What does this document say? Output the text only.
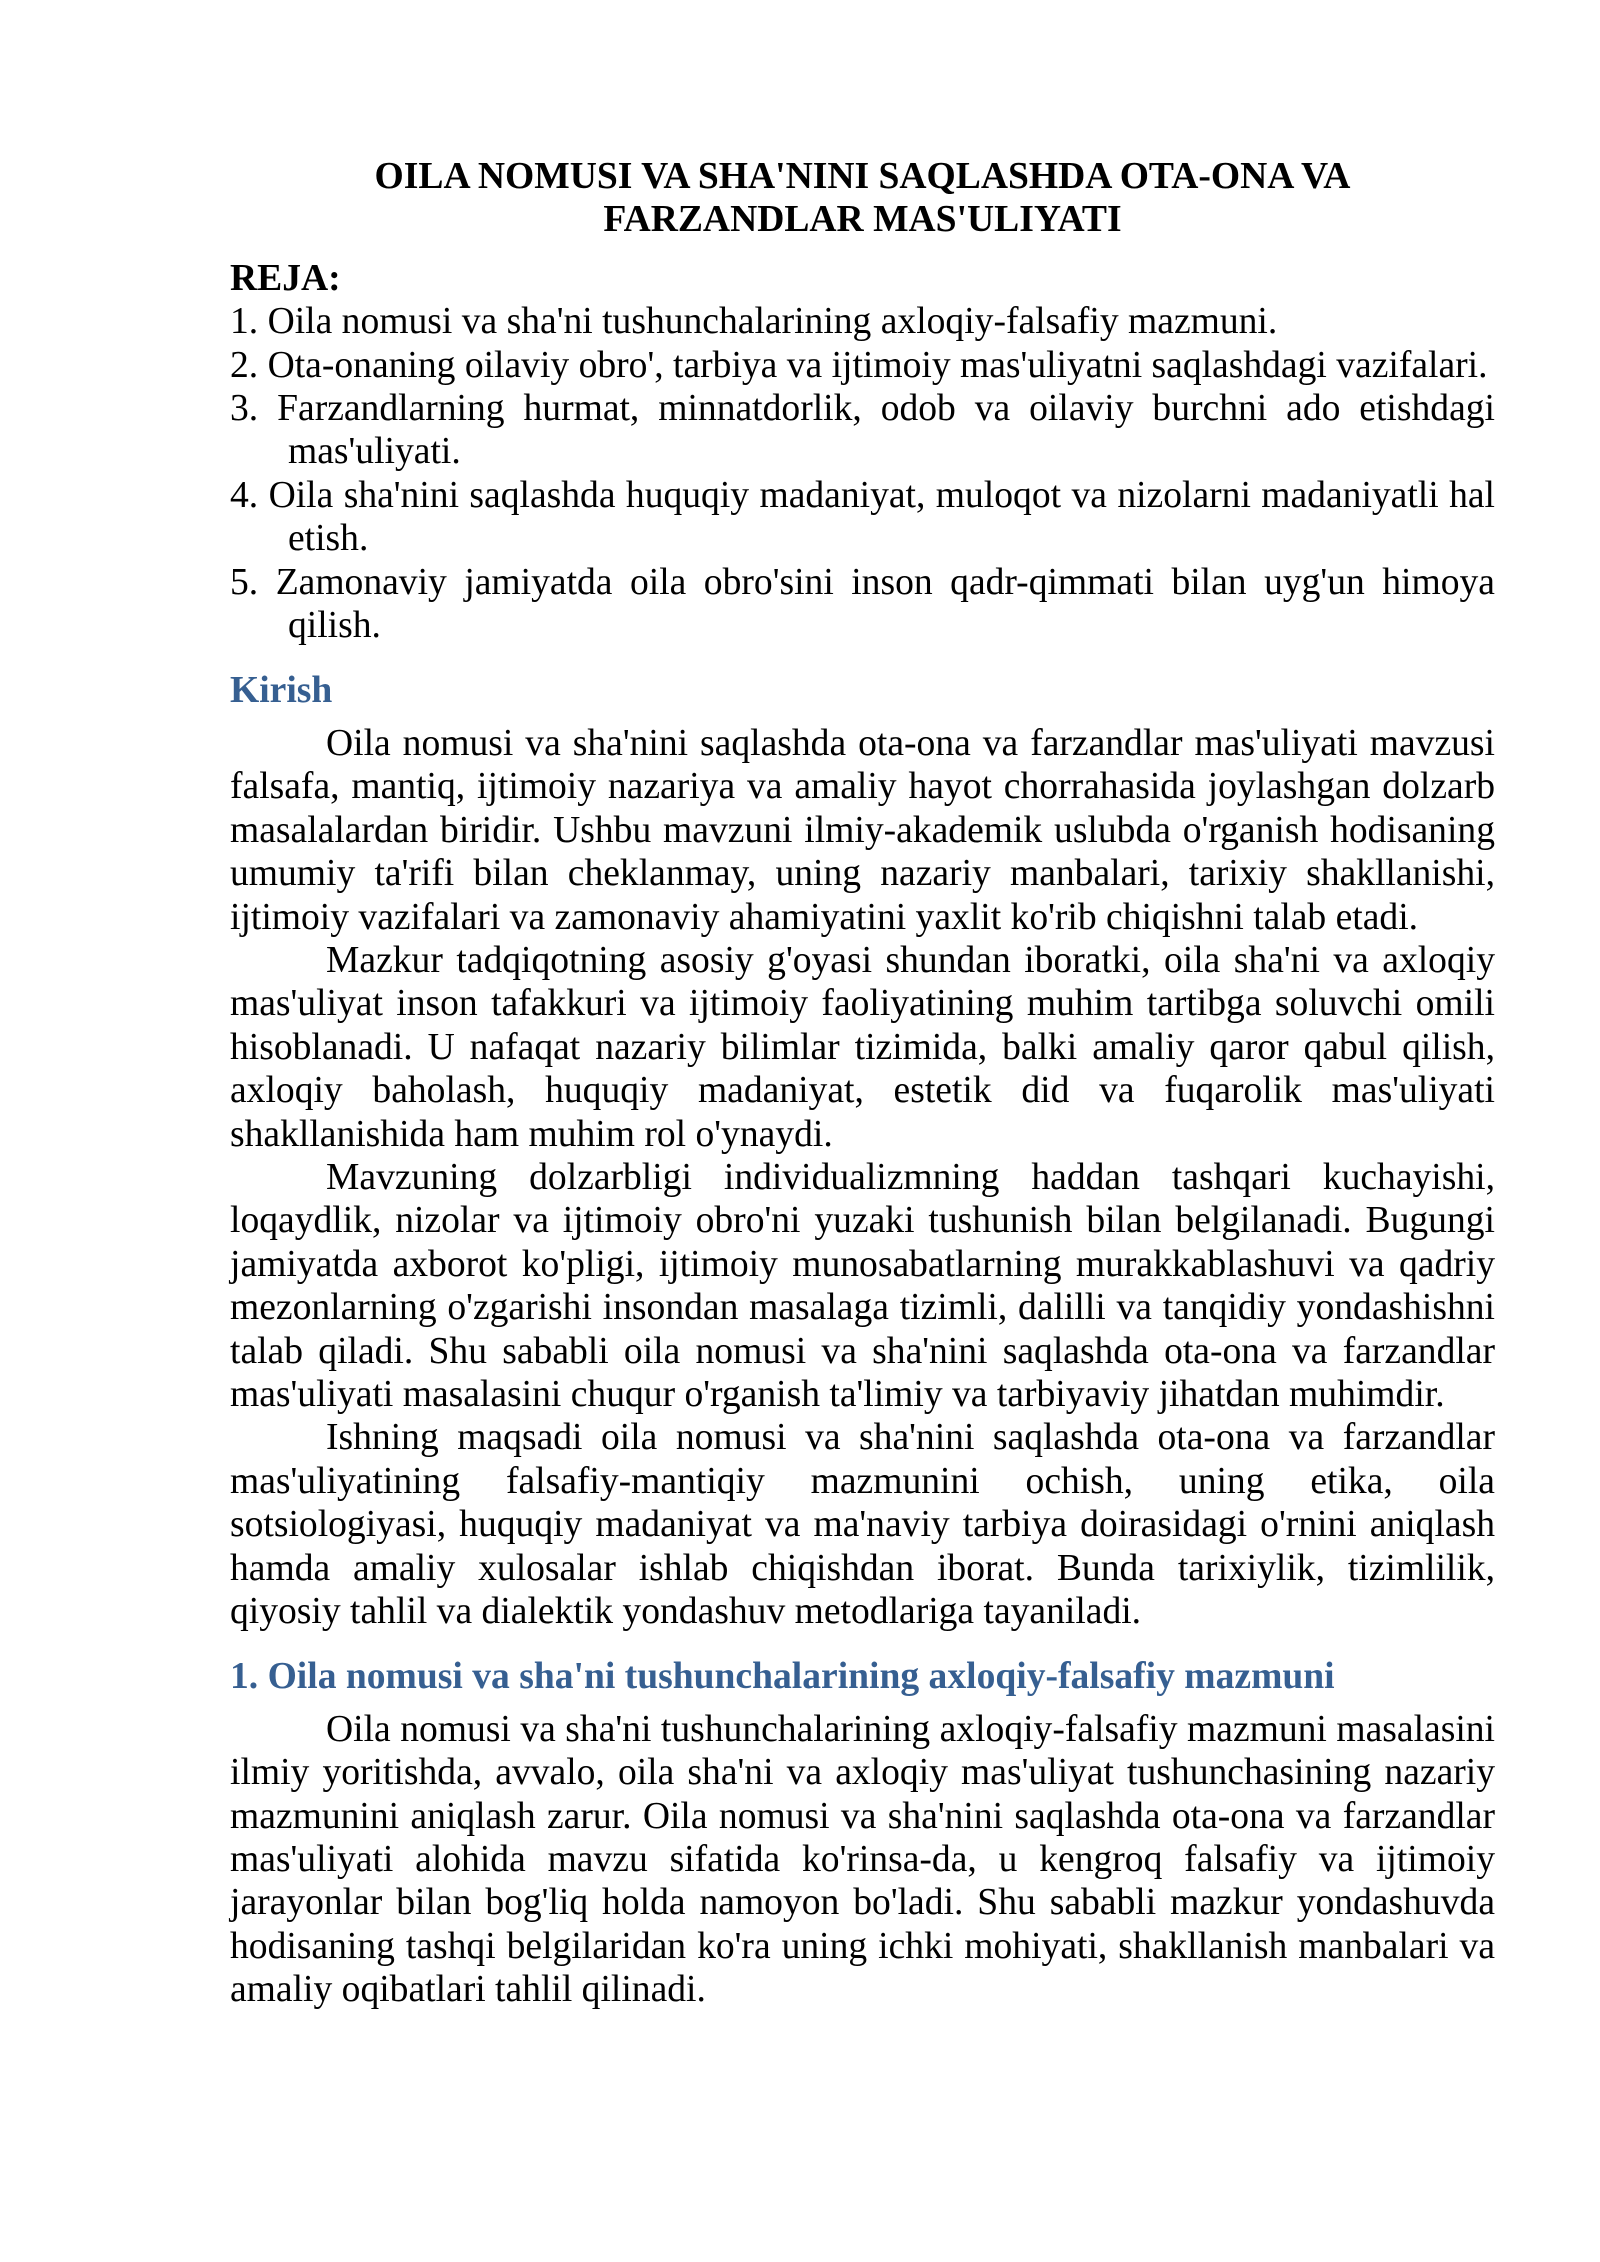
OILA NOMUSI VA SHA'NINI SAQLASHDA OTA-ONA VA
FARZANDLAR MAS'ULIYATI
REJA:

1. Oila nomusi va sha'ni tushunchalarining axloqiy-falsafiy mazmuni.

2. Ota-onaning oilaviy obro', tarbiya va ijtimoiy mas'uliyatni saqlashdagi vazifalari.

3. Farzandlarning hurmat, minnatdorlik, odob va oilaviy burchni ado etishdagi mas'uliyati.

4. Oila sha'nini saqlashda huquqiy madaniyat, muloqot va nizolarni madaniyatli hal etish.

5. Zamonaviy jamiyatda oila obro'sini inson qadr-qimmati bilan uyg'un himoya qilish.

Kirish

Oila nomusi va sha'nini saqlashda ota-ona va farzandlar mas'uliyati mavzusi falsafa, mantiq, ijtimoiy nazariya va amaliy hayot chorrahasida joylashgan dolzarb masalalardan biridir. Ushbu mavzuni ilmiy-akademik uslubda o'rganish hodisaning umumiy ta'rifi bilan cheklanmay, uning nazariy manbalari, tarixiy shakllanishi, ijtimoiy vazifalari va zamonaviy ahamiyatini yaxlit ko'rib chiqishni talab etadi.

Mazkur tadqiqotning asosiy g'oyasi shundan iboratki, oila sha'ni va axloqiy mas'uliyat inson tafakkuri va ijtimoiy faoliyatining muhim tartibga soluvchi omili hisoblanadi. U nafaqat nazariy bilimlar tizimida, balki amaliy qaror qabul qilish, axloqiy baholash, huquqiy madaniyat, estetik did va fuqarolik mas'uliyati shakllanishida ham muhim rol o'ynaydi.

Mavzuning dolzarbligi individualizmning haddan tashqari kuchayishi, loqaydlik, nizolar va ijtimoiy obro'ni yuzaki tushunish bilan belgilanadi. Bugungi jamiyatda axborot ko'pligi, ijtimoiy munosabatlarning murakkablashuvi va qadriy mezonlarning o'zgarishi insondan masalaga tizimli, dalilli va tanqidiy yondashishni talab qiladi. Shu sababli oila nomusi va sha'nini saqlashda ota-ona va farzandlar mas'uliyati masalasini chuqur o'rganish ta'limiy va tarbiyaviy jihatdan muhimdir.

Ishning maqsadi oila nomusi va sha'nini saqlashda ota-ona va farzandlar mas'uliyatining falsafiy-mantiqiy mazmunini ochish, uning etika, oila sotsiologiyasi, huquqiy madaniyat va ma'naviy tarbiya doirasidagi o'rnini aniqlash hamda amaliy xulosalar ishlab chiqishdan iborat. Bunda tarixiylik, tizimlilik, qiyosiy tahlil va dialektik yondashuv metodlariga tayaniladi.

1. Oila nomusi va sha'ni tushunchalarining axloqiy-falsafiy mazmuni

Oila nomusi va sha'ni tushunchalarining axloqiy-falsafiy mazmuni masalasini ilmiy yoritishda, avvalo, oila sha'ni va axloqiy mas'uliyat tushunchasining nazariy mazmunini aniqlash zarur. Oila nomusi va sha'nini saqlashda ota-ona va farzandlar mas'uliyati alohida mavzu sifatida ko'rinsa-da, u kengroq falsafiy va ijtimoiy jarayonlar bilan bog'liq holda namoyon bo'ladi. Shu sababli mazkur yondashuvda hodisaning tashqi belgilaridan ko'ra uning ichki mohiyati, shakllanish manbalari va amaliy oqibatlari tahlil qilinadi.
